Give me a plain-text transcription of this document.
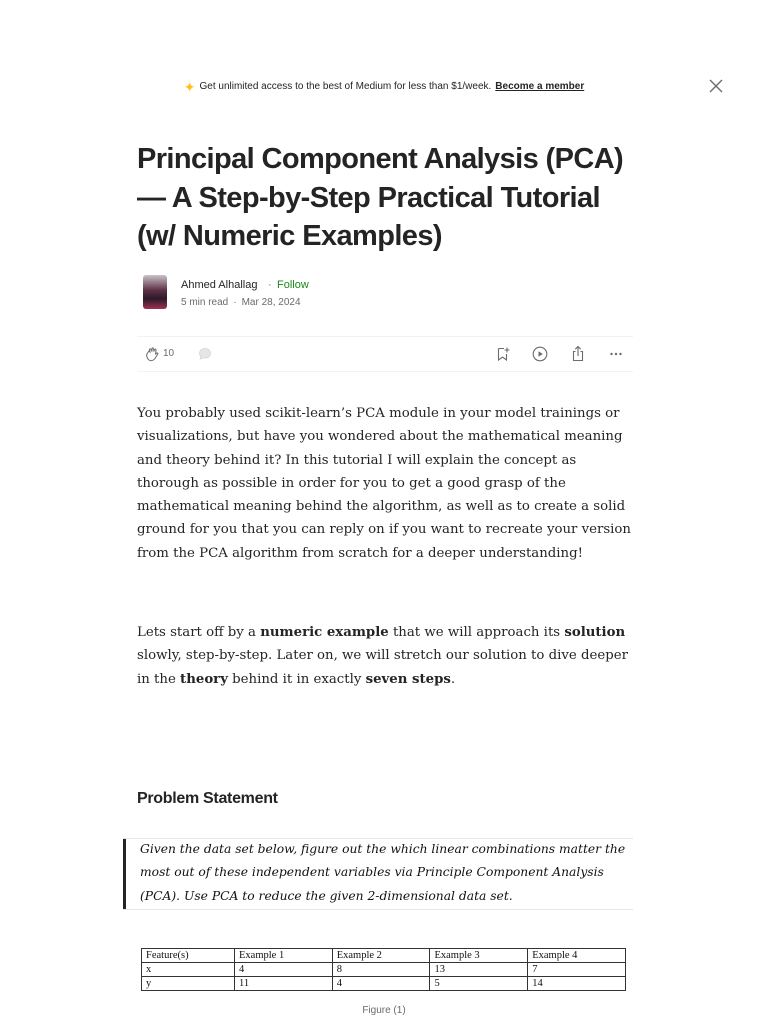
✦ Get unlimited access to the best of Medium for less than $1/week. Become a member
Principal Component Analysis (PCA) — A Step-by-Step Practical Tutorial (w/ Numeric Examples)
Ahmed Alhallag · Follow
5 min read · Mar 28, 2024
10

You probably used scikit-learn’s PCA module in your model trainings or visualizations, but have you wondered about the mathematical meaning and theory behind it? In this tutorial I will explain the concept as thorough as possible in order for you to get a good grasp of the mathematical meaning behind the algorithm, as well as to create a solid ground for you that you can reply on if you want to recreate your version from the PCA algorithm from scratch for a deeper understanding!

Lets start off by a numeric example that we will approach its solution slowly, step-by-step. Later on, we will stretch our solution to dive deeper in the theory behind it in exactly seven steps.

Problem Statement

Given the data set below, figure out the which linear combinations matter the most out of these independent variables via Principle Component Analysis (PCA). Use PCA to reduce the given 2-dimensional data set.

Feature(s)	Example 1	Example 2	Example 3	Example 4
x	4	8	13	7
y	11	4	5	14
Figure (1)
